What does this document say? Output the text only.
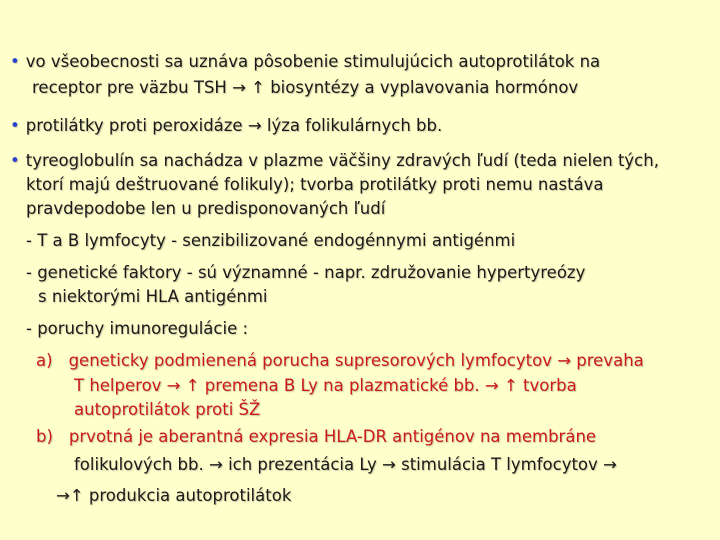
• vo všeobecnosti sa uznáva pôsobenie stimulujúcich autoprotilátok na
receptor pre väzbu TSH → ↑ biosyntézy a vyplavovania hormónov
• protilátky proti peroxidáze → lýza folikulárnych bb.
• tyreoglobulín sa nachádza v plazme väčšiny zdravých ľudí (teda nielen tých,
ktorí majú deštruované folikuly); tvorba protilátky proti nemu nastáva
pravdepodobe len u predisponovaných ľudí
- T a B lymfocyty - senzibilizované endogénnymi antigénmi
- genetické faktory - sú významné - napr. združovanie hypertyreózy
s niektorými HLA antigénmi
- poruchy imunoregulácie :
a) geneticky podmienená porucha supresorových lymfocytov → prevaha
T helperov → ↑ premena B Ly na plazmatické bb. → ↑ tvorba
autoprotilátok proti ŠŽ
b) prvotná je aberantná expresia HLA-DR antigénov na membráne
folikulových bb. → ich prezentácia Ly → stimulácia T lymfocytov →
→↑ produkcia autoprotilátok
